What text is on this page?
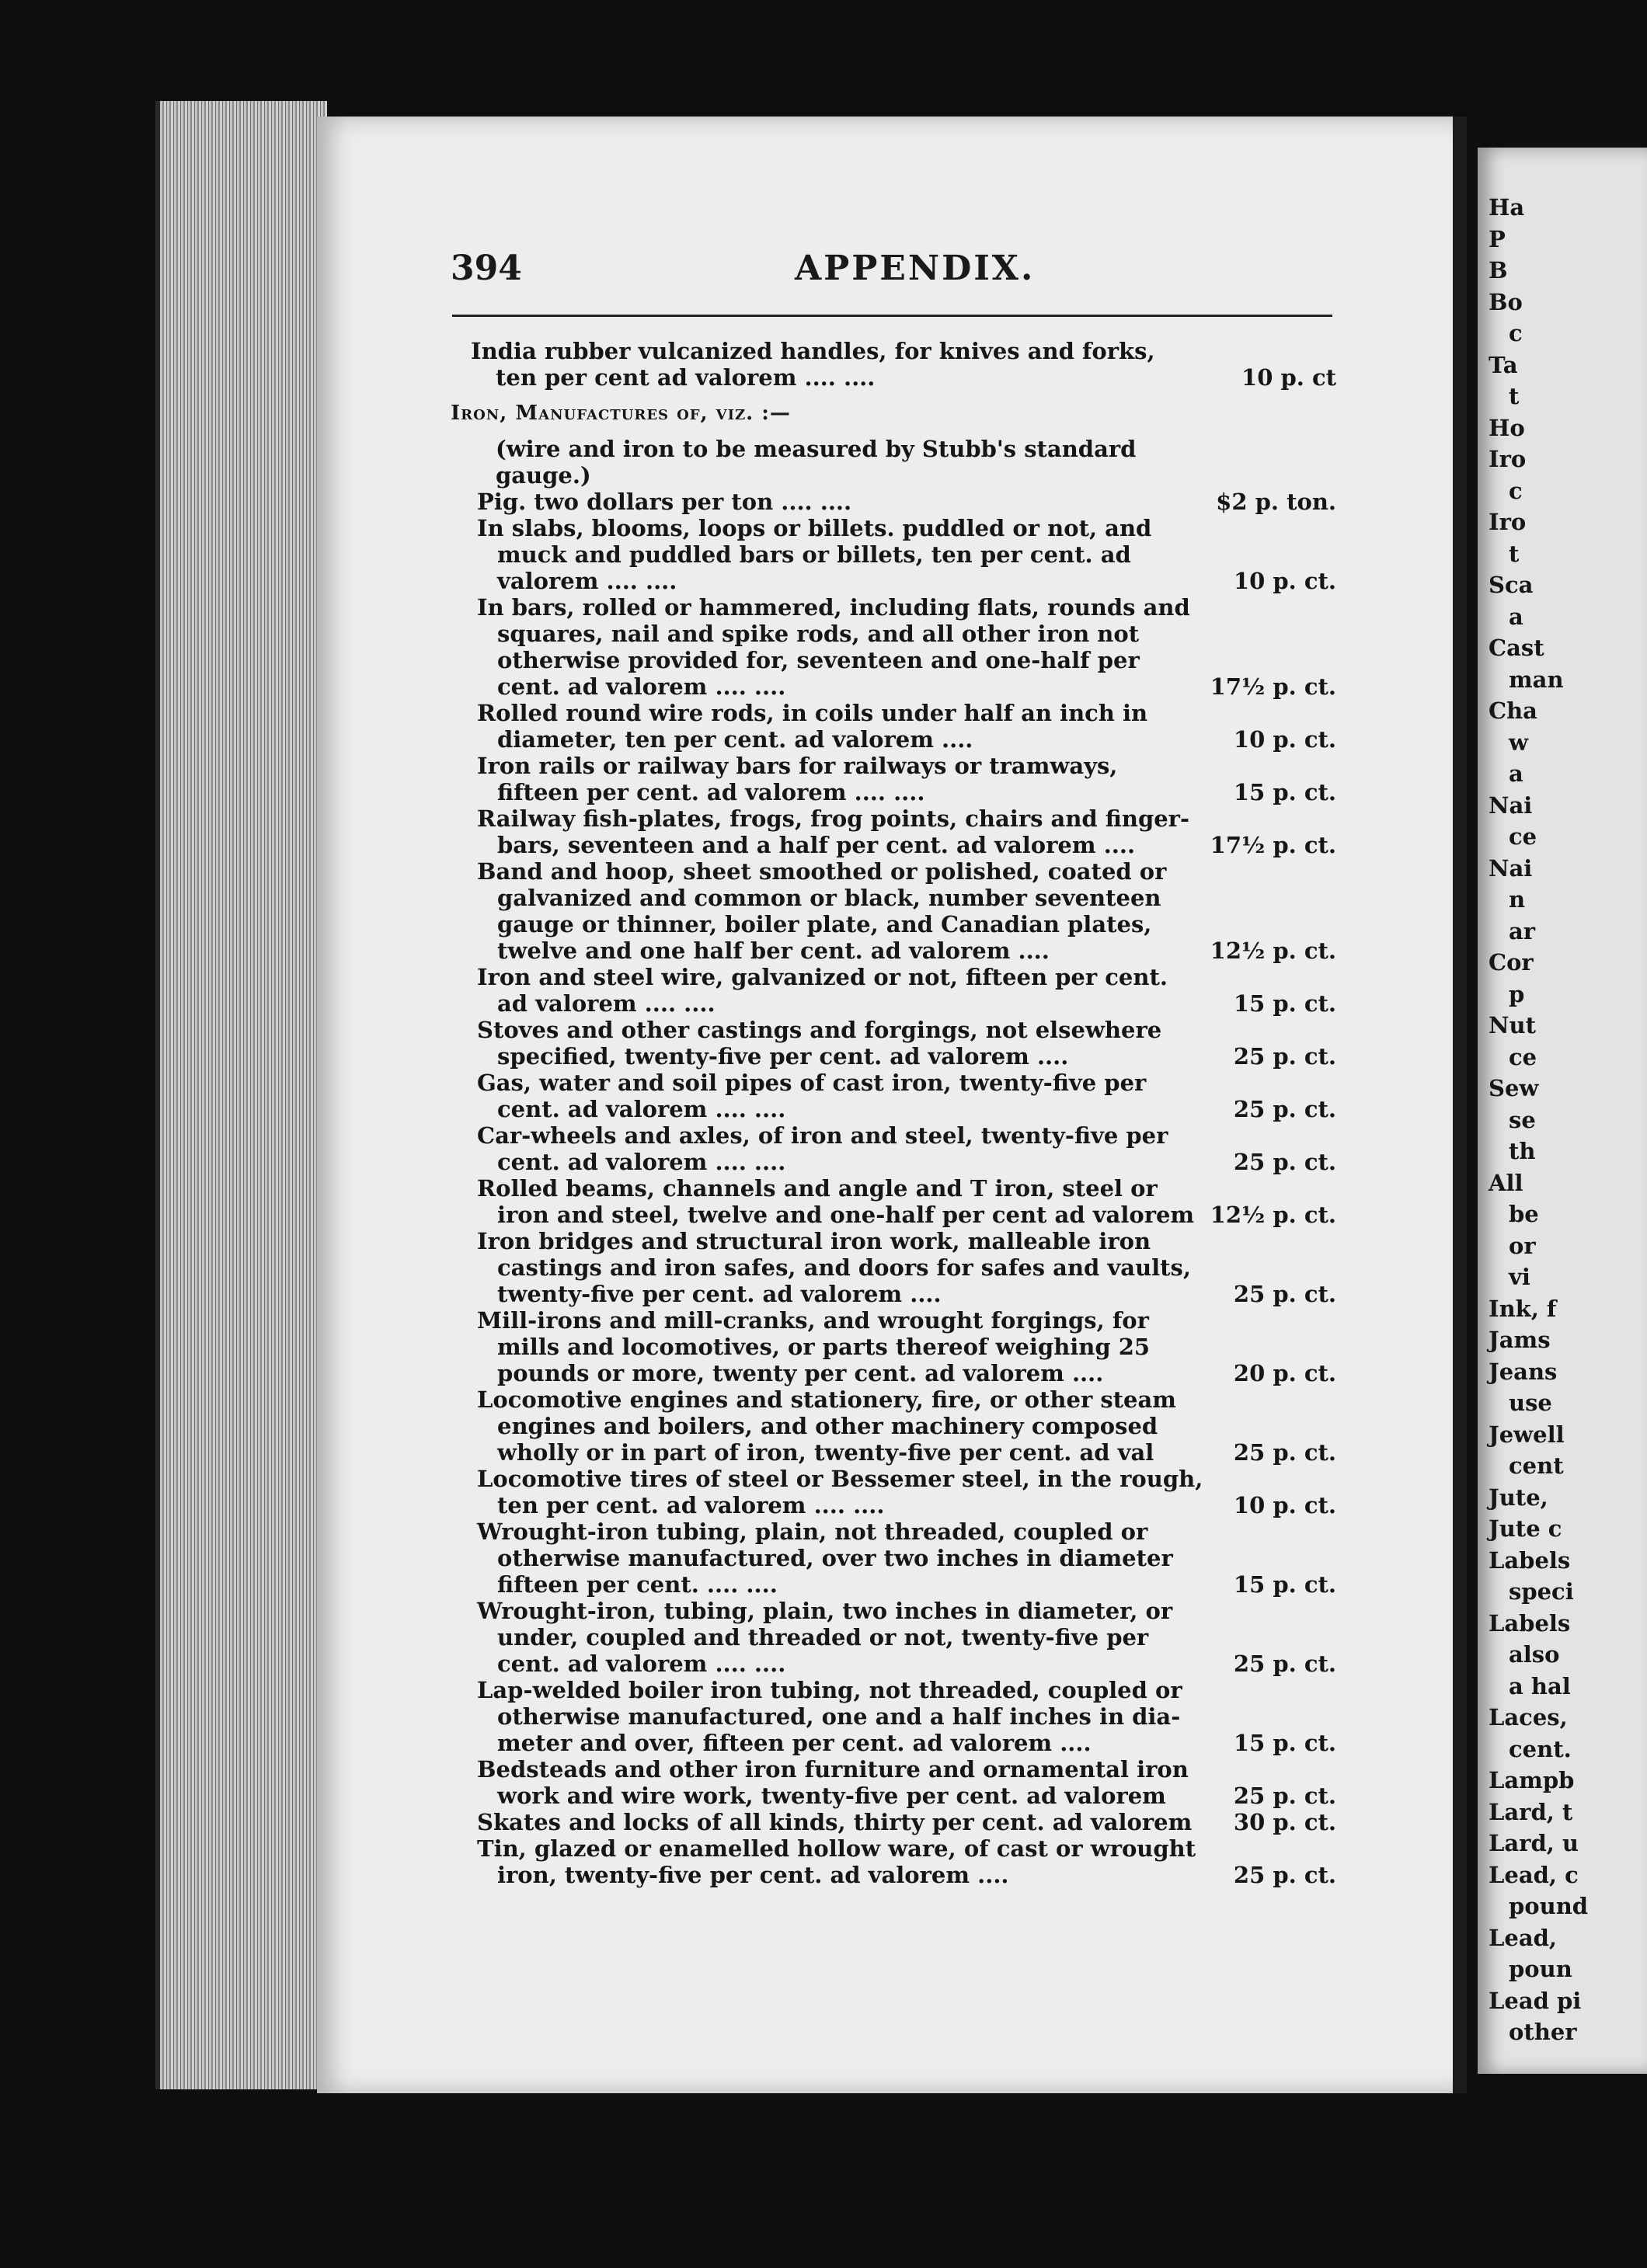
Ha
P
B
Bo
c
Ta
t
Ho
Iro
c
Iro
t
Sca
a
Cast
man
Cha
w
a
Nai
ce
Nai
n
ar
Cor
p
Nut
ce
Sew
se
th
All
be
or
vi
Ink, f
Jams
Jeans
use
Jewell
cent
Jute,
Jute c
Labels
speci
Labels
also
a hal
Laces,
cent.
Lampb
Lard, t
Lard, u
Lead, c
pound
Lead,
poun
Lead pi
other
394	APPENDIX.
India rubber vulcanized handles, for knives and forks,
ten per cent ad valorem .... ....	10 p. ct
Iron, Manufactures of, viz. :—
(wire and iron to be measured by Stubb's standard
gauge.)
Pig. two dollars per ton .... ....	$2 p. ton.
In slabs, blooms, loops or billets. puddled or not, and
muck and puddled bars or billets, ten per cent. ad
valorem .... ....	10 p. ct.
In bars, rolled or hammered, including flats, rounds and
squares, nail and spike rods, and all other iron not
otherwise provided for, seventeen and one-half per
cent. ad valorem .... ....	17½ p. ct.
Rolled round wire rods, in coils under half an inch in
diameter, ten per cent. ad valorem ....	10 p. ct.
Iron rails or railway bars for railways or tramways,
fifteen per cent. ad valorem .... ....	15 p. ct.
Railway fish-plates, frogs, frog points, chairs and finger-
bars, seventeen and a half per cent. ad valorem ....	17½ p. ct.
Band and hoop, sheet smoothed or polished, coated or
galvanized and common or black, number seventeen
gauge or thinner, boiler plate, and Canadian plates,
twelve and one half ber cent. ad valorem ....	12½ p. ct.
Iron and steel wire, galvanized or not, fifteen per cent.
ad valorem .... ....	15 p. ct.
Stoves and other castings and forgings, not elsewhere
specified, twenty-five per cent. ad valorem ....	25 p. ct.
Gas, water and soil pipes of cast iron, twenty-five per
cent. ad valorem .... ....	25 p. ct.
Car-wheels and axles, of iron and steel, twenty-five per
cent. ad valorem .... ....	25 p. ct.
Rolled beams, channels and angle and T iron, steel or
iron and steel, twelve and one-half per cent ad valorem 12½ p. ct.
Iron bridges and structural iron work, malleable iron
castings and iron safes, and doors for safes and vaults,
twenty-five per cent. ad valorem ....	25 p. ct.
Mill-irons and mill-cranks, and wrought forgings, for
mills and locomotives, or parts thereof weighing 25
pounds or more, twenty per cent. ad valorem ....	20 p. ct.
Locomotive engines and stationery, fire, or other steam
engines and boilers, and other machinery composed
wholly or in part of iron, twenty-five per cent. ad val	25 p. ct.
Locomotive tires of steel or Bessemer steel, in the rough,
ten per cent. ad valorem .... ....	10 p. ct.
Wrought-iron tubing, plain, not threaded, coupled or
otherwise manufactured, over two inches in diameter
fifteen per cent. .... ....	15 p. ct.
Wrought-iron, tubing, plain, two inches in diameter, or
under, coupled and threaded or not, twenty-five per
cent. ad valorem .... ....	25 p. ct.
Lap-welded boiler iron tubing, not threaded, coupled or
otherwise manufactured, one and a half inches in dia-
meter and over, fifteen per cent. ad valorem ....	15 p. ct.
Bedsteads and other iron furniture and ornamental iron
work and wire work, twenty-five per cent. ad valorem	25 p. ct.
Skates and locks of all kinds, thirty per cent. ad valorem	30 p. ct.
Tin, glazed or enamelled hollow ware, of cast or wrought
iron, twenty-five per cent. ad valorem ....	25 p. ct.
